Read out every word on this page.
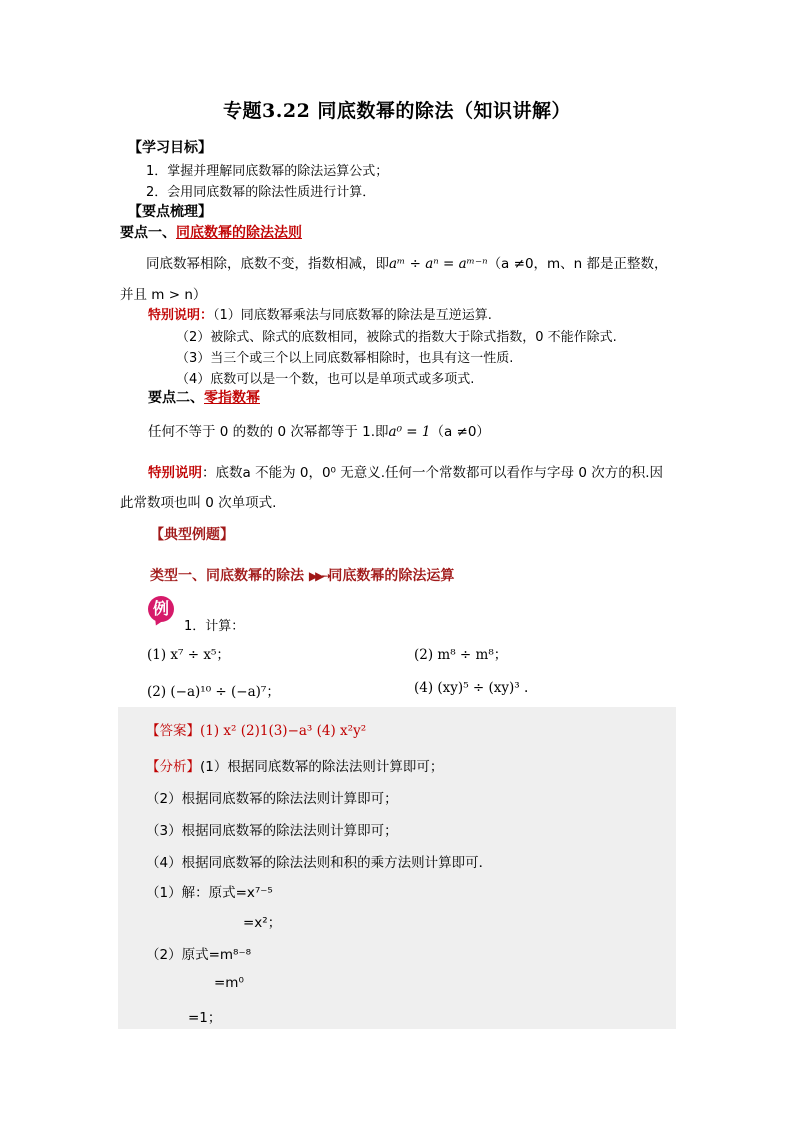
专题3.22 同底数幂的除法（知识讲解）
【学习目标】
1．掌握并理解同底数幂的除法运算公式；
2．会用同底数幂的除法性质进行计算．
【要点梳理】
要点一、同底数幂的除法法则
同底数幂相除，底数不变，指数相减，即aᵐ ÷ aⁿ = aᵐ⁻ⁿ（a ≠0，m、n 都是正整数，
并且 m > n）
特别说明：（1）同底数幂乘法与同底数幂的除法是互逆运算.
（2）被除式、除式的底数相同，被除式的指数大于除式指数，0 不能作除式.
（3）当三个或三个以上同底数幂相除时，也具有这一性质.
（4）底数可以是一个数，也可以是单项式或多项式.
要点二、零指数幂
任何不等于 0 的数的 0 次幂都等于 1.即a⁰ = 1（a ≠0）
特别说明：底数a 不能为 0，0⁰ 无意义.任何一个常数都可以看作与字母 0 次方的积.因
此常数项也叫 0 次单项式.
【典型例题】
类型一、同底数幂的除法 ▶▶➙同底数幂的除法运算
例
1．计算：
(1) x⁷ ÷ x⁵；	(2) m⁸ ÷ m⁸；
(2) (−a)¹⁰ ÷ (−a)⁷；	(4) (xy)⁵ ÷ (xy)³ .
【答案】(1) x² (2)1(3)−a³ (4) x²y²
【分析】(1）根据同底数幂的除法法则计算即可；
（2）根据同底数幂的除法法则计算即可；
（3）根据同底数幂的除法法则计算即可；
（4）根据同底数幂的除法法则和积的乘方法则计算即可．
（1）解：原式=x⁷⁻⁵
=x²；
（2）原式=m⁸⁻⁸
=m⁰
=1；
